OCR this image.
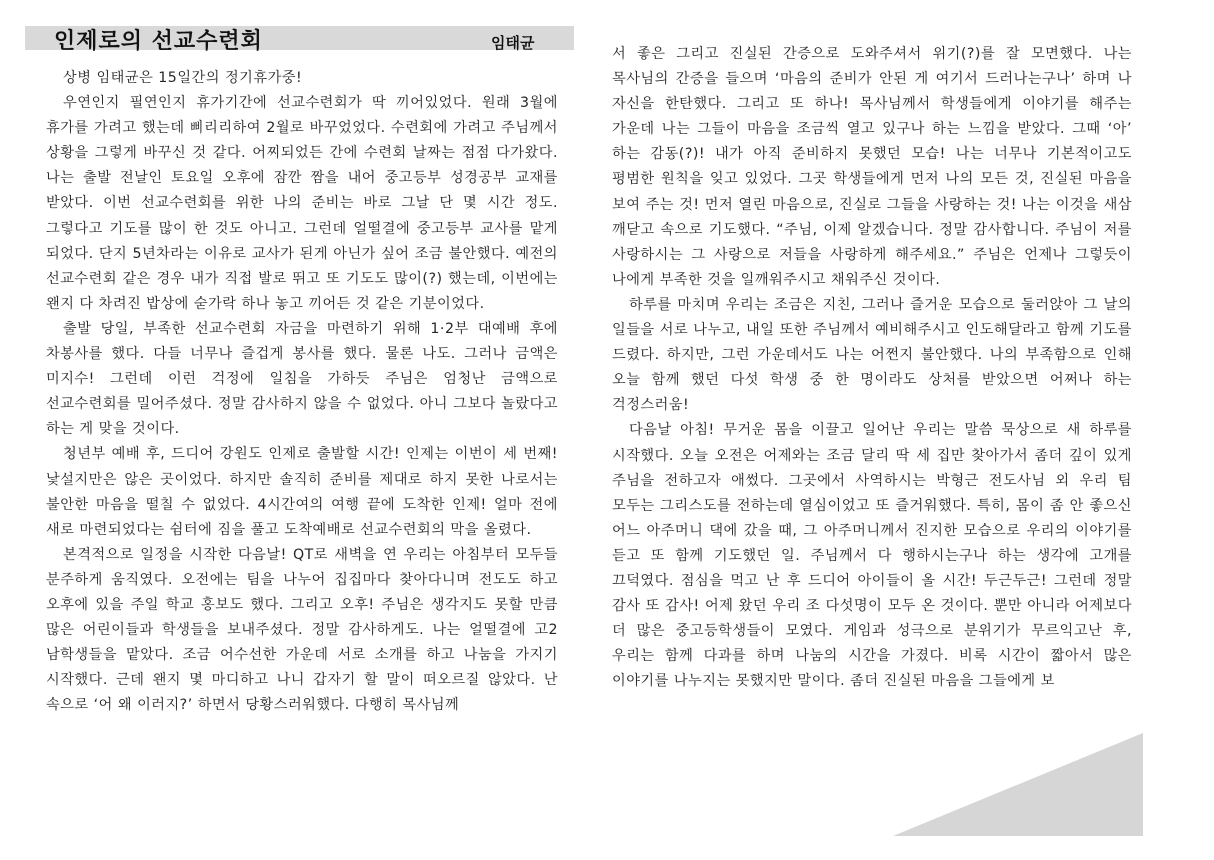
인제로의 선교수련회	임태균

상병 임태균은 15일간의 정기휴가중!

우연인지 필연인지 휴가기간에 선교수련회가 딱 끼어있었다. 원래 3월에 휴가를 가려고 했는데 삐리리하여 2월로 바꾸었었다. 수련회에 가려고 주님께서 상황을 그렇게 바꾸신 것 같다. 어찌되었든 간에 수련회 날짜는 점점 다가왔다. 나는 출발 전날인 토요일 오후에 잠깐 짬을 내어 중고등부 성경공부 교재를 받았다. 이번 선교수련회를 위한 나의 준비는 바로 그날 단 몇 시간 정도. 그렇다고 기도를 많이 한 것도 아니고. 그런데 얼떨결에 중고등부 교사를 맡게 되었다. 단지 5년차라는 이유로 교사가 된게 아닌가 싶어 조금 불안했다. 예전의 선교수련회 같은 경우 내가 직접 발로 뛰고 또 기도도 많이(?) 했는데, 이번에는 왠지 다 차려진 밥상에 숟가락 하나 놓고 끼어든 것 같은 기분이었다.

출발 당일, 부족한 선교수련회 자금을 마련하기 위해 1·2부 대예배 후에 차봉사를 했다. 다들 너무나 즐겁게 봉사를 했다. 물론 나도. 그러나 금액은 미지수! 그런데 이런 걱정에 일침을 가하듯 주님은 엄청난 금액으로 선교수련회를 밀어주셨다. 정말 감사하지 않을 수 없었다. 아니 그보다 놀랐다고 하는 게 맞을 것이다.

청년부 예배 후, 드디어 강원도 인제로 출발할 시간! 인제는 이번이 세 번째! 낯설지만은 않은 곳이었다. 하지만 솔직히 준비를 제대로 하지 못한 나로서는 불안한 마음을 떨칠 수 없었다. 4시간여의 여행 끝에 도착한 인제! 얼마 전에 새로 마련되었다는 쉼터에 짐을 풀고 도착예배로 선교수련회의 막을 올렸다.

본격적으로 일정을 시작한 다음날! QT로 새벽을 연 우리는 아침부터 모두들 분주하게 움직였다. 오전에는 팀을 나누어 집집마다 찾아다니며 전도도 하고 오후에 있을 주일 학교 홍보도 했다. 그리고 오후! 주님은 생각지도 못할 만큼 많은 어린이들과 학생들을 보내주셨다. 정말 감사하게도. 나는 얼떨결에 고2 남학생들을 맡았다. 조금 어수선한 가운데 서로 소개를 하고 나눔을 가지기 시작했다. 근데 왠지 몇 마디하고 나니 갑자기 할 말이 떠오르질 않았다. 난 속으로 ‘어 왜 이러지?’ 하면서 당황스러워했다. 다행히 목사님께

서 좋은 그리고 진실된 간증으로 도와주셔서 위기(?)를 잘 모면했다. 나는 목사님의 간증을 들으며 ‘마음의 준비가 안된 게 여기서 드러나는구나’ 하며 나 자신을 한탄했다. 그리고 또 하나! 목사님께서 학생들에게 이야기를 해주는 가운데 나는 그들이 마음을 조금씩 열고 있구나 하는 느낌을 받았다. 그때 ‘아’ 하는 감동(?)! 내가 아직 준비하지 못했던 모습! 나는 너무나 기본적이고도 평범한 원칙을 잊고 있었다. 그곳 학생들에게 먼저 나의 모든 것, 진실된 마음을 보여 주는 것! 먼저 열린 마음으로, 진실로 그들을 사랑하는 것! 나는 이것을 새삼 깨닫고 속으로 기도했다. “주님, 이제 알겠습니다. 정말 감사합니다. 주님이 저를 사랑하시는 그 사랑으로 저들을 사랑하게 해주세요.” 주님은 언제나 그렇듯이 나에게 부족한 것을 일깨워주시고 채워주신 것이다.

하루를 마치며 우리는 조금은 지친, 그러나 즐거운 모습으로 둘러앉아 그 날의 일들을 서로 나누고, 내일 또한 주님께서 예비해주시고 인도해달라고 함께 기도를 드렸다. 하지만, 그런 가운데서도 나는 어쩐지 불안했다. 나의 부족함으로 인해 오늘 함께 했던 다섯 학생 중 한 명이라도 상처를 받았으면 어쩌나 하는 걱정스러움!

다음날 아침! 무거운 몸을 이끌고 일어난 우리는 말씀 묵상으로 새 하루를 시작했다. 오늘 오전은 어제와는 조금 달리 딱 세 집만 찾아가서 좀더 깊이 있게 주님을 전하고자 애썼다. 그곳에서 사역하시는 박형근 전도사님 외 우리 팀 모두는 그리스도를 전하는데 열심이었고 또 즐거워했다. 특히, 몸이 좀 안 좋으신 어느 아주머니 댁에 갔을 때, 그 아주머니께서 진지한 모습으로 우리의 이야기를 듣고 또 함께 기도했던 일. 주님께서 다 행하시는구나 하는 생각에 고개를 끄덕였다. 점심을 먹고 난 후 드디어 아이들이 올 시간! 두근두근! 그런데 정말 감사 또 감사! 어제 왔던 우리 조 다섯명이 모두 온 것이다. 뿐만 아니라 어제보다 더 많은 중고등학생들이 모였다. 게임과 성극으로 분위기가 무르익고난 후, 우리는 함께 다과를 하며 나눔의 시간을 가졌다. 비록 시간이 짧아서 많은 이야기를 나누지는 못했지만 말이다. 좀더 진실된 마음을 그들에게 보
